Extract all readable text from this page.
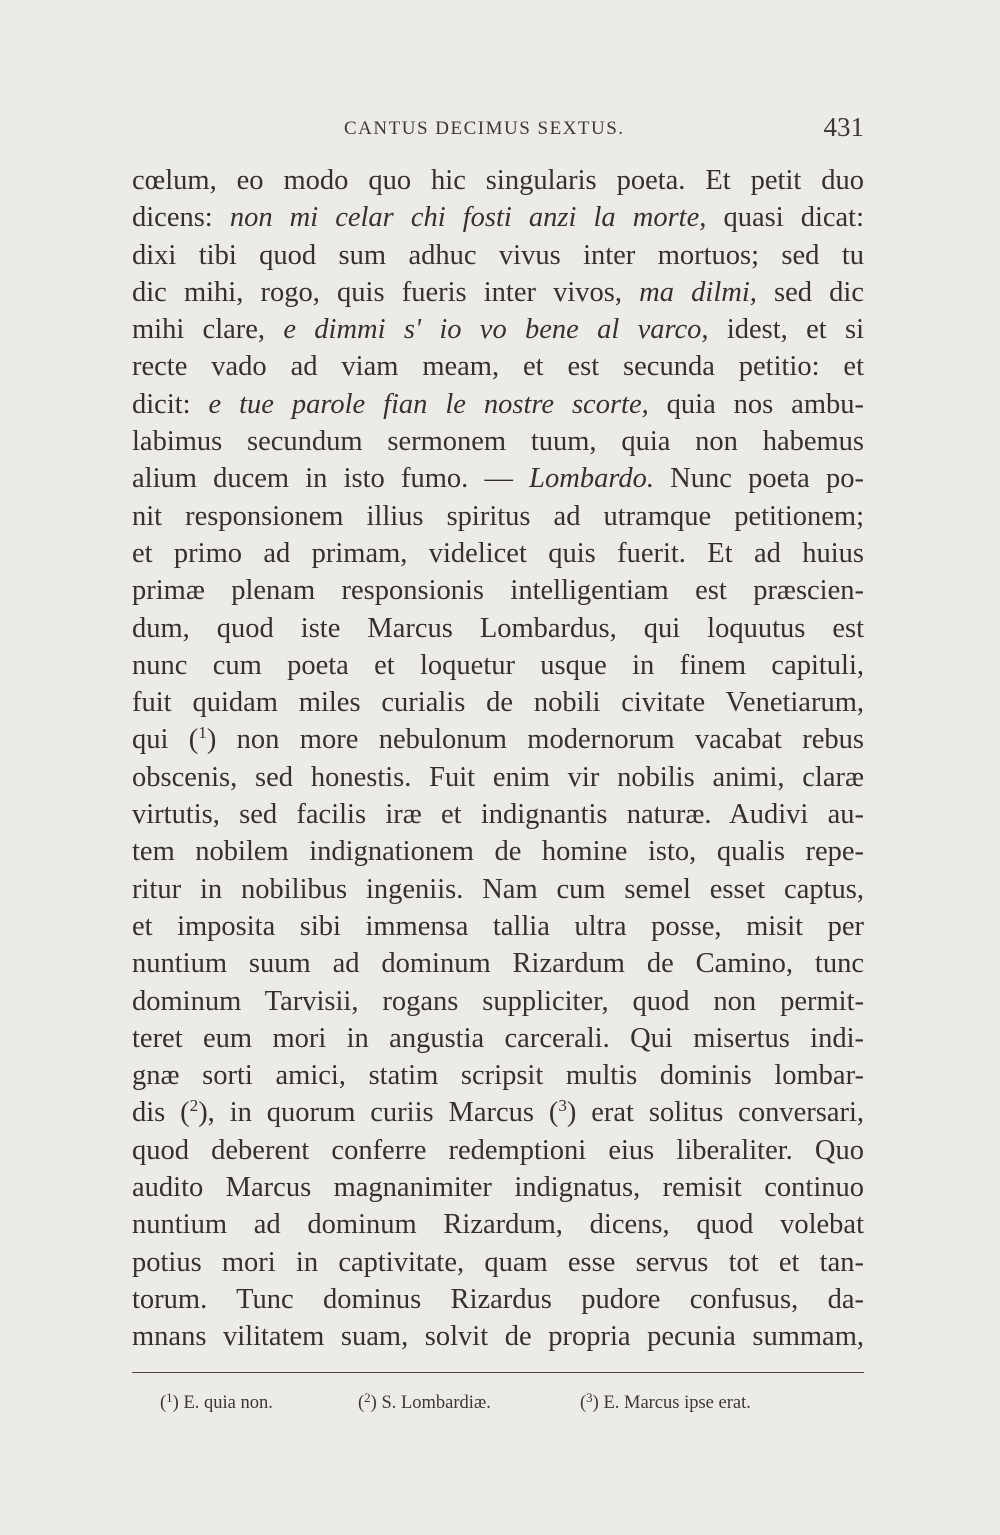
CANTUS DECIMUS SEXTUS.	431
cœlum, eo modo quo hic singularis poeta. Et petit duo
dicens: non mi celar chi fosti anzi la morte, quasi dicat:
dixi tibi quod sum adhuc vivus inter mortuos; sed tu
dic mihi, rogo, quis fueris inter vivos, ma dilmi, sed dic
mihi clare, e dimmi s' io vo bene al varco, idest, et si
recte vado ad viam meam, et est secunda petitio: et
dicit: e tue parole fian le nostre scorte, quia nos ambu-
labimus secundum sermonem tuum, quia non habemus
alium ducem in isto fumo. — Lombardo. Nunc poeta po-
nit responsionem illius spiritus ad utramque petitionem;
et primo ad primam, videlicet quis fuerit. Et ad huius
primæ plenam responsionis intelligentiam est præscien-
dum, quod iste Marcus Lombardus, qui loquutus est
nunc cum poeta et loquetur usque in finem capituli,
fuit quidam miles curialis de nobili civitate Venetiarum,
qui ($^1$) non more nebulonum modernorum vacabat rebus
obscenis, sed honestis. Fuit enim vir nobilis animi, claræ
virtutis, sed facilis iræ et indignantis naturæ. Audivi au-
tem nobilem indignationem de homine isto, qualis repe-
ritur in nobilibus ingeniis. Nam cum semel esset captus,
et imposita sibi immensa tallia ultra posse, misit per
nuntium suum ad dominum Rizardum de Camino, tunc
dominum Tarvisii, rogans suppliciter, quod non permit-
teret eum mori in angustia carcerali. Qui misertus indi-
gnæ sorti amici, statim scripsit multis dominis lombar-
dis ($^2$), in quorum curiis Marcus ($^3$) erat solitus conversari,
quod deberent conferre redemptioni eius liberaliter. Quo
audito Marcus magnanimiter indignatus, remisit continuo
nuntium ad dominum Rizardum, dicens, quod volebat
potius mori in captivitate, quam esse servus tot et tan-
torum. Tunc dominus Rizardus pudore confusus, da-
mnans vilitatem suam, solvit de propria pecunia summam,
($^1$) E. quia non.	($^2$) S. Lombardiæ.	($^3$) E. Marcus ipse erat.
